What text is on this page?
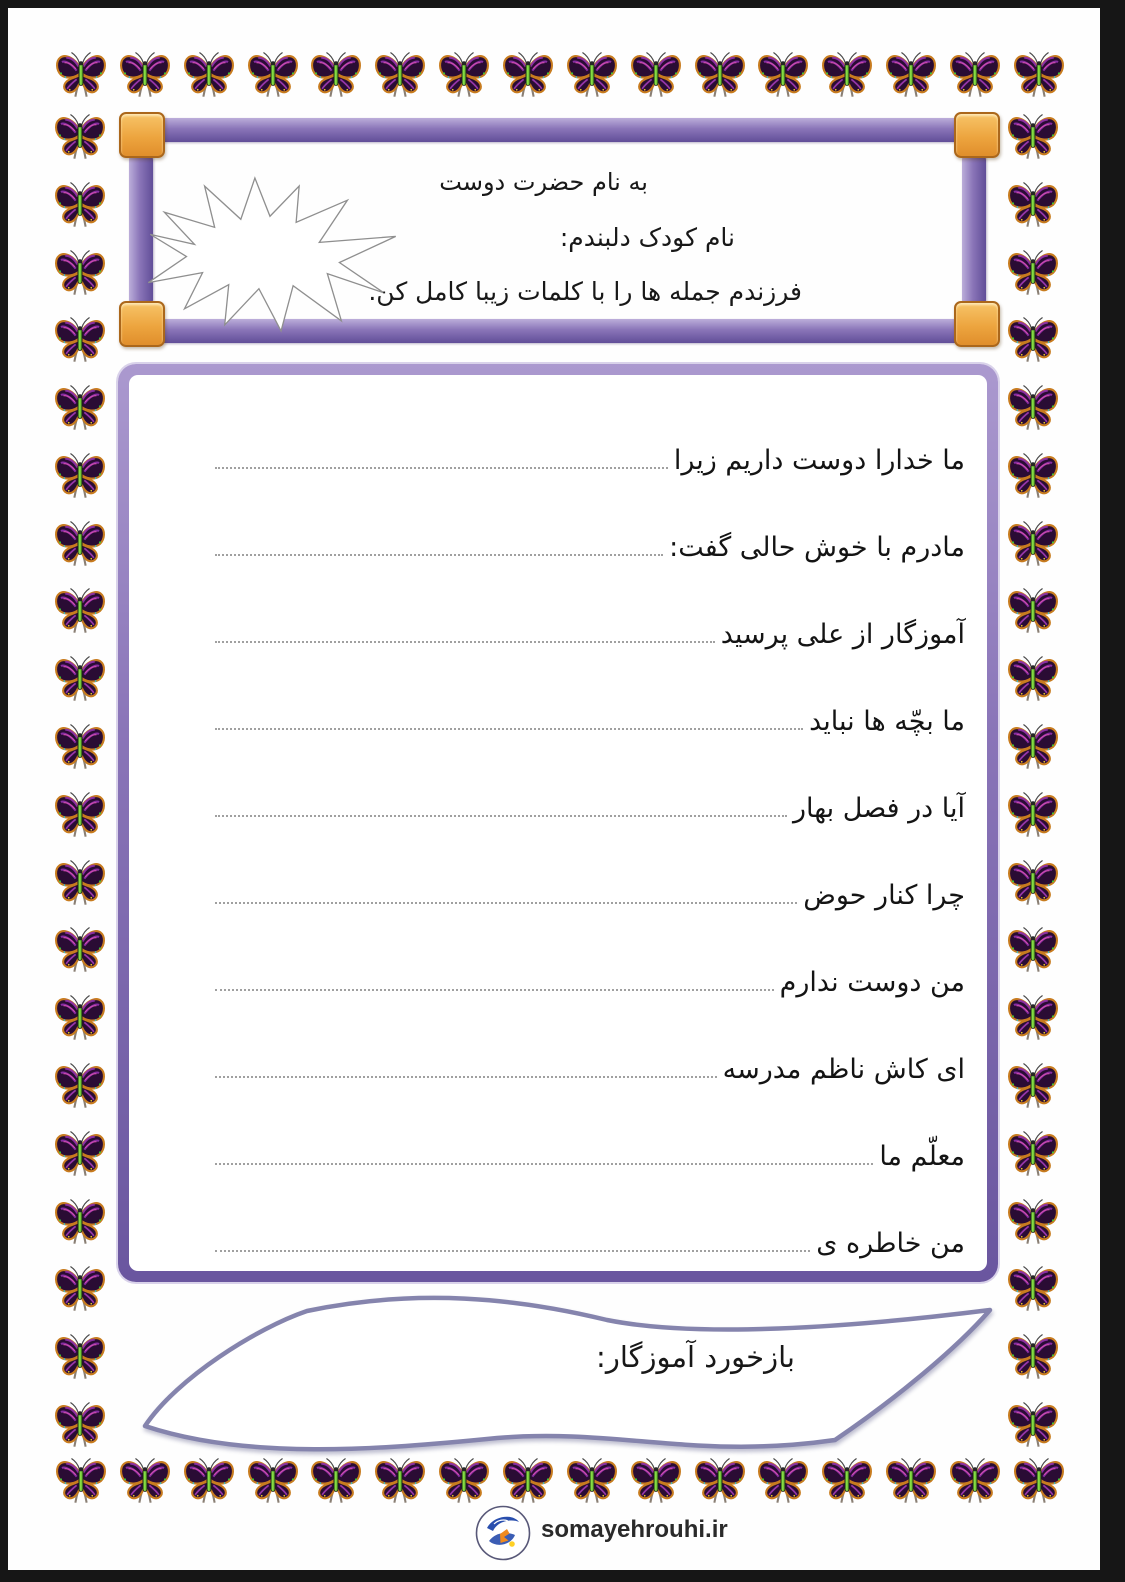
به نام حضرت دوست
نام کودک دلبندم:
فرزندم جمله ها را با کلمات زیبا کامل کن.
ما خدارا دوست داریم زیرا
مادرم با خوش حالی گفت:
آموزگار از علی پرسید
ما بچّه ها نباید
آیا در فصل بهار
چرا کنار حوض
من دوست ندارم
ای کاش ناظم مدرسه
معلّم ما
من خاطره ی
بازخورد آموزگار:
somayehrouhi.ir
